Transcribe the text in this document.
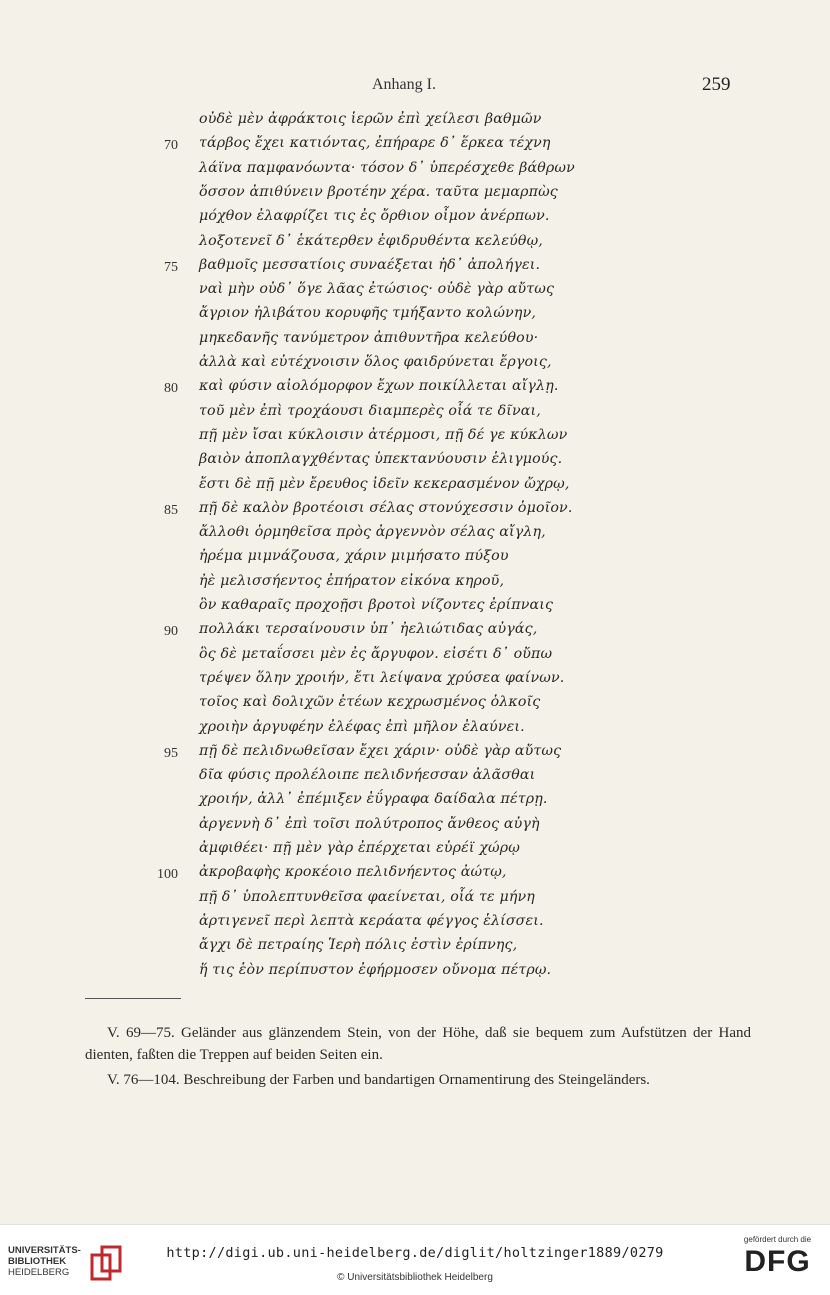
Anhang I.	259
οὐδὲ μὲν ἀφράκτοις ἱερῶν ἐπὶ χείλεσι βαθμῶν
70 τάρβος ἔχει κατιόντας, ἐπήραρε δ᾽ ἕρκεα τέχνη
λάϊνα παμφανόωντα· τόσον δ᾽ ὑπερέσχεθε βάθρων
ὅσσον ἀπιθύνειν βροτέην χέρα. ταῦτα μεμαρπὼς
μόχθον ἐλαφρίζει τις ἐς ὄρθιον οἶμον ἀνέρπων.
λοξοτενεῖ δ᾽ ἑκάτερθεν ἐφιδρυθέντα κελεύθῳ,
75 βαθμοῖς μεσσατίοις συναέξεται ἠδ᾽ ἀπολήγει.
ναὶ μὴν οὐδ᾽ ὅγε λᾶας ἐτώσιος· οὐδὲ γὰρ αὔτως
ἄγριον ἠλιβάτου κορυφῆς τμήξαντο κολώνην,
μηκεδανῆς τανύμετρον ἀπιθυντῆρα κελεύθου·
ἀλλὰ καὶ εὐτέχνοισιν ὅλος φαιδρύνεται ἔργοις,
80 καὶ φύσιν αἰολόμορφον ἔχων ποικίλλεται αἴγλῃ.
τοῦ μὲν ἐπὶ τροχάουσι διαμπερὲς οἷά τε δῖναι,
πῇ μὲν ἴσαι κύκλοισιν ἀτέρμοσι, πῇ δέ γε κύκλων
βαιὸν ἀποπλαγχθέντας ὑπεκτανύουσιν ἑλιγμούς.
ἔστι δὲ πῇ μὲν ἔρευθος ἰδεῖν κεκερασμένον ὤχρῳ,
85 πῇ δὲ καλὸν βροτέοισι σέλας στονύχεσσιν ὁμοῖον.
ἄλλοθι ὁρμηθεῖσα πρὸς ἀργεννὸν σέλας αἴγλη,
ἠρέμα μιμνάζουσα, χάριν μιμήσατο πύξου
ἠὲ μελισσήεντος ἐπήρατον εἰκόνα κηροῦ,
ὃν καθαραῖς προχοῇσι βροτοὶ νίζοντες ἐρίπναις
90 πολλάκι τερσαίνουσιν ὑπ᾽ ἠελιώτιδας αὐγάς,
ὃς δὲ μεταΐσσει μὲν ἐς ἄργυφον. εἰσέτι δ᾽ οὔπω
τρέψεν ὅλην χροιήν, ἔτι λείψανα χρύσεα φαίνων.
τοῖος καὶ δολιχῶν ἐτέων κεχρωσμένος ὁλκοῖς
χροιὴν ἀργυφέην ἐλέφας ἐπὶ μῆλον ἐλαύνει.
95 πῇ δὲ πελιδνωθεῖσαν ἔχει χάριν· οὐδὲ γὰρ αὔτως
δῖα φύσις προλέλοιπε πελιδνήεσσαν ἀλᾶσθαι
χροιήν, ἀλλ᾽ ἐπέμιξεν ἐΰγραφα δαίδαλα πέτρῃ.
ἀργεννὴ δ᾽ ἐπὶ τοῖσι πολύτροπος ἄνθεος αὐγὴ
ἀμφιθέει· πῇ μὲν γὰρ ἐπέρχεται εὐρέϊ χώρῳ
100 ἀκροβαφὴς κροκέοιο πελιδνήεντος ἀώτῳ,
πῇ δ᾽ ὑπολεπτυνθεῖσα φαείνεται, οἷά τε μήνη
ἀρτιγενεῖ περὶ λεπτὰ κεράατα φέγγος ἑλίσσει.
ἄγχι δὲ πετραίης Ἱερὴ πόλις ἐστὶν ἐρίπνης,
ἥ τις ἑὸν περίπυστον ἐφήρμοσεν οὔνομα πέτρῳ.

V. 69—75. Geländer aus glänzendem Stein, von der Höhe, daß sie bequem zum Aufstützen der Hand dienten, faßten die Treppen auf beiden Seiten ein.

V. 76—104. Beschreibung der Farben und bandartigen Ornamentirung des Steingeländers.

UNIVERSITÄTS-
BIBLIOTHEK
HEIDELBERG
http://digi.ub.uni-heidelberg.de/diglit/holtzinger1889/0279
© Universitätsbibliothek Heidelberg
gefördert durch die
DFG
